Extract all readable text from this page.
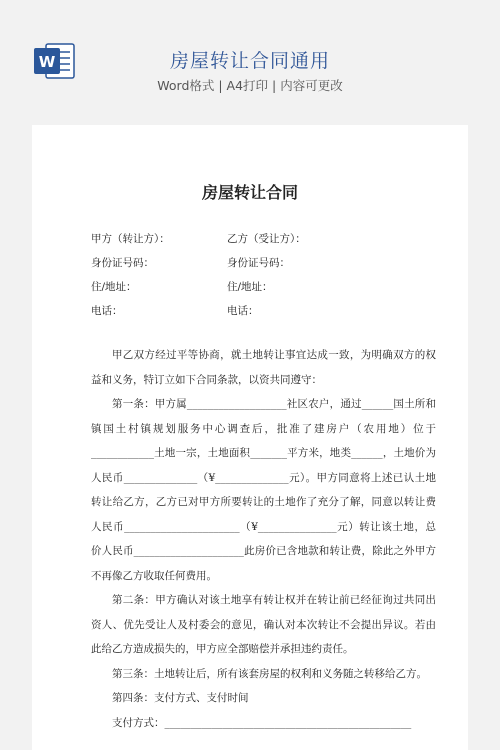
W	房屋转让合同通用
Word格式 | A4打印 | 内容可更改
房屋转让合同
甲方（转让方）：	乙方（受让方）：
身份证号码：	身份证号码：
住/地址：	住/地址：
电话：	电话：

甲乙双方经过平等协商，就土地转让事宜达成一致，为明确双方的权益和义务，特订立如下合同条款，以资共同遵守：

第一条：甲方属___________________社区农户，通过______国土所和镇国土村镇规划服务中心调查后，批准了建房户（农用地）位于____________土地一宗，土地面积_______平方米，地类______，土地价为人民币______________（¥______________元）。甲方同意将上述已认土地转让给乙方，乙方已对甲方所要转让的土地作了充分了解，同意以转让费人民币______________________（¥_______________元）转让该土地，总价人民币_____________________此房价已含地款和转让费，除此之外甲方不再像乙方收取任何费用。

第二条：甲方确认对该土地享有转让权并在转让前已经征询过共同出资人、优先受让人及村委会的意见，确认对本次转让不会提出异议。若由此给乙方造成损失的，甲方应全部赔偿并承担违约责任。

第三条：土地转让后，所有该套房屋的权利和义务随之转移给乙方。

第四条：支付方式、支付时间

支付方式：_______________________________________________
